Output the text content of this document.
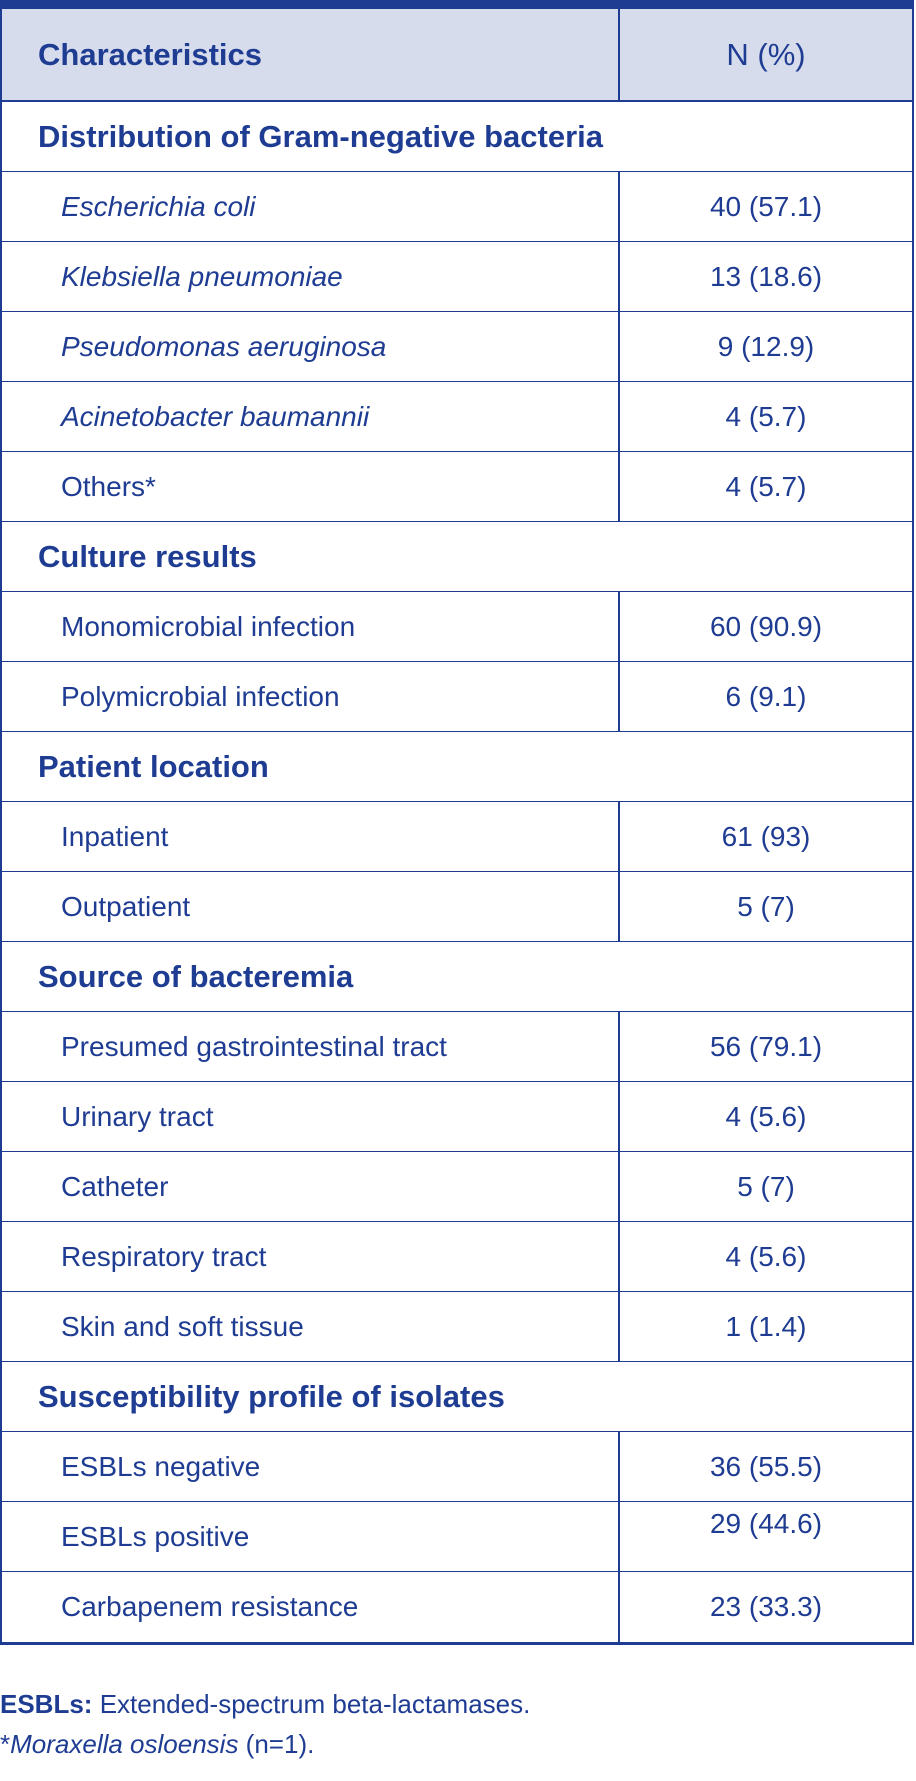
Characteristics	N (%)
Distribution of Gram-negative bacteria
Escherichia coli	40 (57.1)
Klebsiella pneumoniae	13 (18.6)
Pseudomonas aeruginosa	9 (12.9)
Acinetobacter baumannii	4 (5.7)
Others*	4 (5.7)
Culture results
Monomicrobial infection	60 (90.9)
Polymicrobial infection	6 (9.1)
Patient location
Inpatient	61 (93)
Outpatient	5 (7)
Source of bacteremia
Presumed gastrointestinal tract	56 (79.1)
Urinary tract	4 (5.6)
Catheter	5 (7)
Respiratory tract	4 (5.6)
Skin and soft tissue	1 (1.4)
Susceptibility profile of isolates
ESBLs negative	36 (55.5)
ESBLs positive	29 (44.6)
Carbapenem resistance	23 (33.3)
ESBLs: Extended-spectrum beta-lactamases.
*Moraxella osloensis (n=1).
